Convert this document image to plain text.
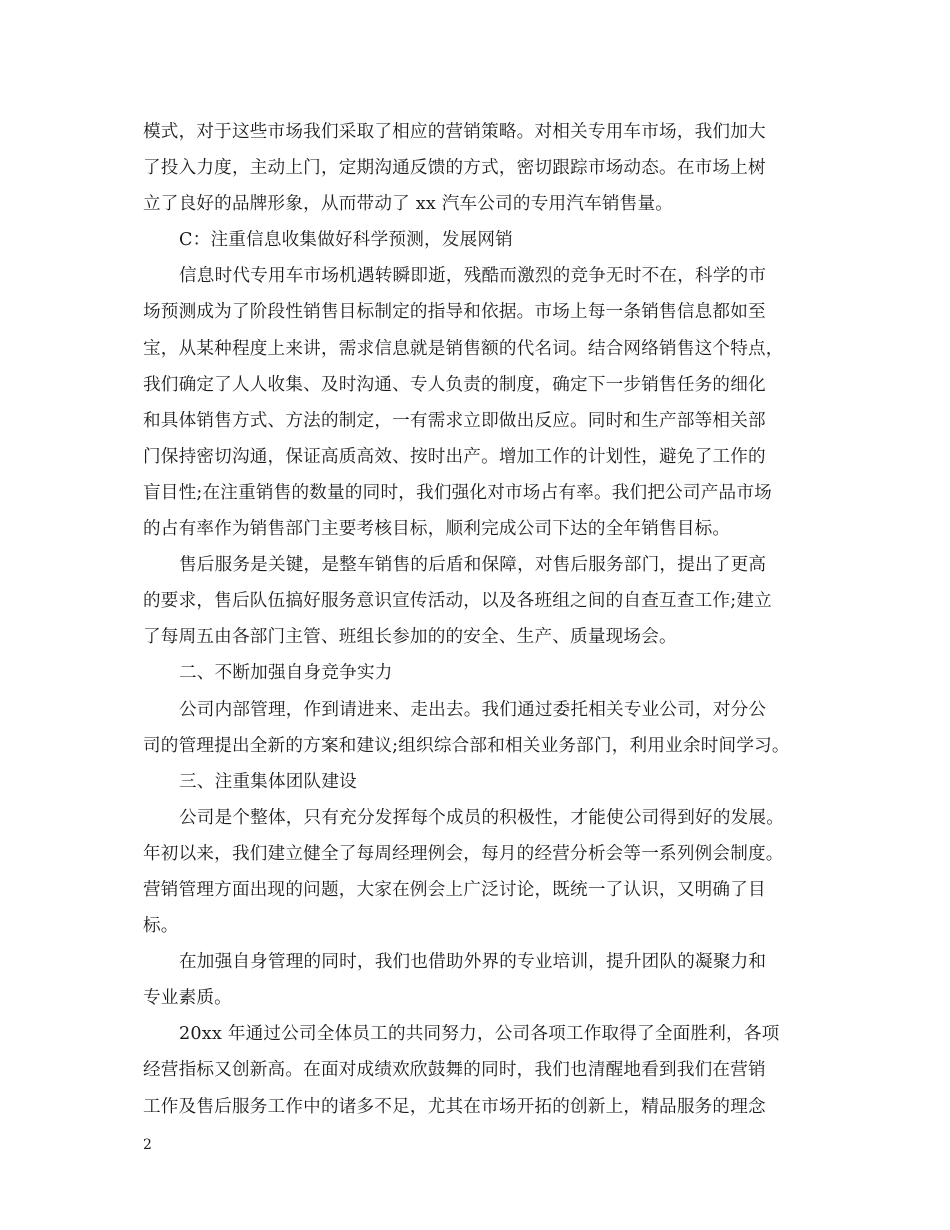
模式，对于这些市场我们采取了相应的营销策略。对相关专用车市场，我们加大
了投入力度，主动上门，定期沟通反馈的方式，密切跟踪市场动态。在市场上树
立了良好的品牌形象，从而带动了 xx 汽车公司的专用汽车销售量。
C：注重信息收集做好科学预测，发展网销
信息时代专用车市场机遇转瞬即逝，残酷而激烈的竞争无时不在，科学的市
场预测成为了阶段性销售目标制定的指导和依据。市场上每一条销售信息都如至
宝，从某种程度上来讲，需求信息就是销售额的代名词。结合网络销售这个特点，
我们确定了人人收集、及时沟通、专人负责的制度，确定下一步销售任务的细化
和具体销售方式、方法的制定，一有需求立即做出反应。同时和生产部等相关部
门保持密切沟通，保证高质高效、按时出产。增加工作的计划性，避免了工作的
盲目性;在注重销售的数量的同时，我们强化对市场占有率。我们把公司产品市场
的占有率作为销售部门主要考核目标，顺利完成公司下达的全年销售目标。
售后服务是关键，是整车销售的后盾和保障，对售后服务部门，提出了更高
的要求，售后队伍搞好服务意识宣传活动，以及各班组之间的自查互查工作;建立
了每周五由各部门主管、班组长参加的的安全、生产、质量现场会。
二、不断加强自身竞争实力
公司内部管理，作到请进来、走出去。我们通过委托相关专业公司，对分公
司的管理提出全新的方案和建议;组织综合部和相关业务部门，利用业余时间学习。
三、注重集体团队建设
公司是个整体，只有充分发挥每个成员的积极性，才能使公司得到好的发展。
年初以来，我们建立健全了每周经理例会，每月的经营分析会等一系列例会制度。
营销管理方面出现的问题，大家在例会上广泛讨论，既统一了认识，又明确了目
标。
在加强自身管理的同时，我们也借助外界的专业培训，提升团队的凝聚力和
专业素质。
20xx 年通过公司全体员工的共同努力，公司各项工作取得了全面胜利，各项
经营指标又创新高。在面对成绩欢欣鼓舞的同时，我们也清醒地看到我们在营销
工作及售后服务工作中的诸多不足，尤其在市场开拓的创新上，精品服务的理念
2
